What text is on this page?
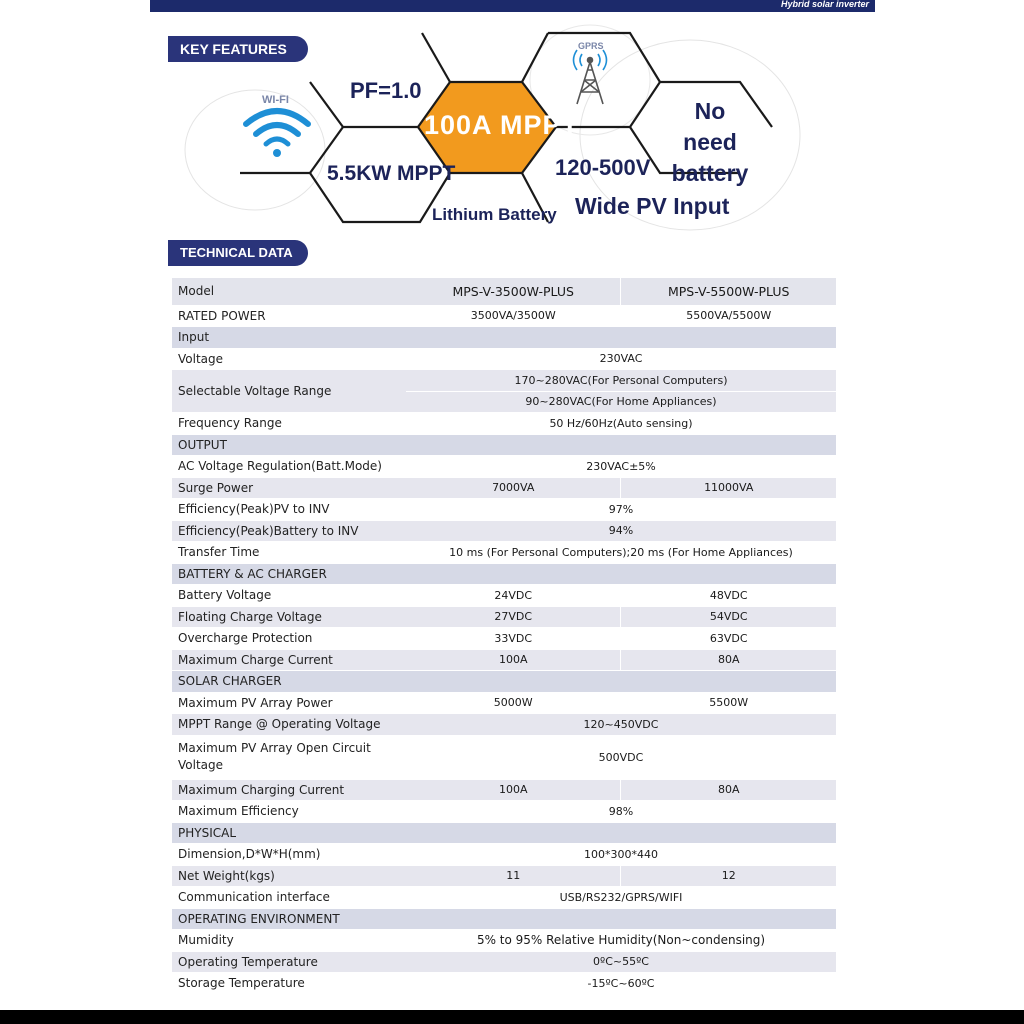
Hybrid solar inverter
KEY FEATURES
WI-FI
GPRS
PF=1.0
100A MPPT
5.5KW MPPT
Lithium Battery
120-500V
Wide PV Input
No need
battery
TECHNICAL DATA
Model	MPS-V-3500W-PLUS	MPS-V-5500W-PLUS
RATED POWER	3500VA/3500W	5500VA/5500W
Input		
Voltage	230VAC	
Selectable Voltage Range	170~280VAC(For Personal Computers)	
	90~280VAC(For Home Appliances)	
Frequency Range	50 Hz/60Hz(Auto sensing)	
OUTPUT		
AC Voltage Regulation(Batt.Mode)	230VAC±5%	
Surge Power	7000VA	11000VA
Efficiency(Peak)PV to INV	97%	
Efficiency(Peak)Battery to INV	94%	
Transfer Time	10 ms (For Personal Computers);20 ms (For Home Appliances)	
BATTERY & AC CHARGER		
Battery Voltage	24VDC	48VDC
Floating Charge Voltage	27VDC	54VDC
Overcharge Protection	33VDC	63VDC
Maximum Charge Current	100A	80A
SOLAR CHARGER		
Maximum PV Array Power	5000W	5500W
MPPT Range @ Operating Voltage	120~450VDC	

Maximum PV Array Open Circuit
Voltage	500VDC	
Maximum Charging Current	100A	80A
Maximum Efficiency	98%	
PHYSICAL		
Dimension,D*W*H(mm)	100*300*440	
Net Weight(kgs)	11	12
Communication interface	USB/RS232/GPRS/WIFI	
OPERATING ENVIRONMENT		
Mumidity	5% to 95% Relative Humidity(Non~condensing)	
Operating Temperature	0ºC~55ºC	
Storage Temperature	-15ºC~60ºC	
